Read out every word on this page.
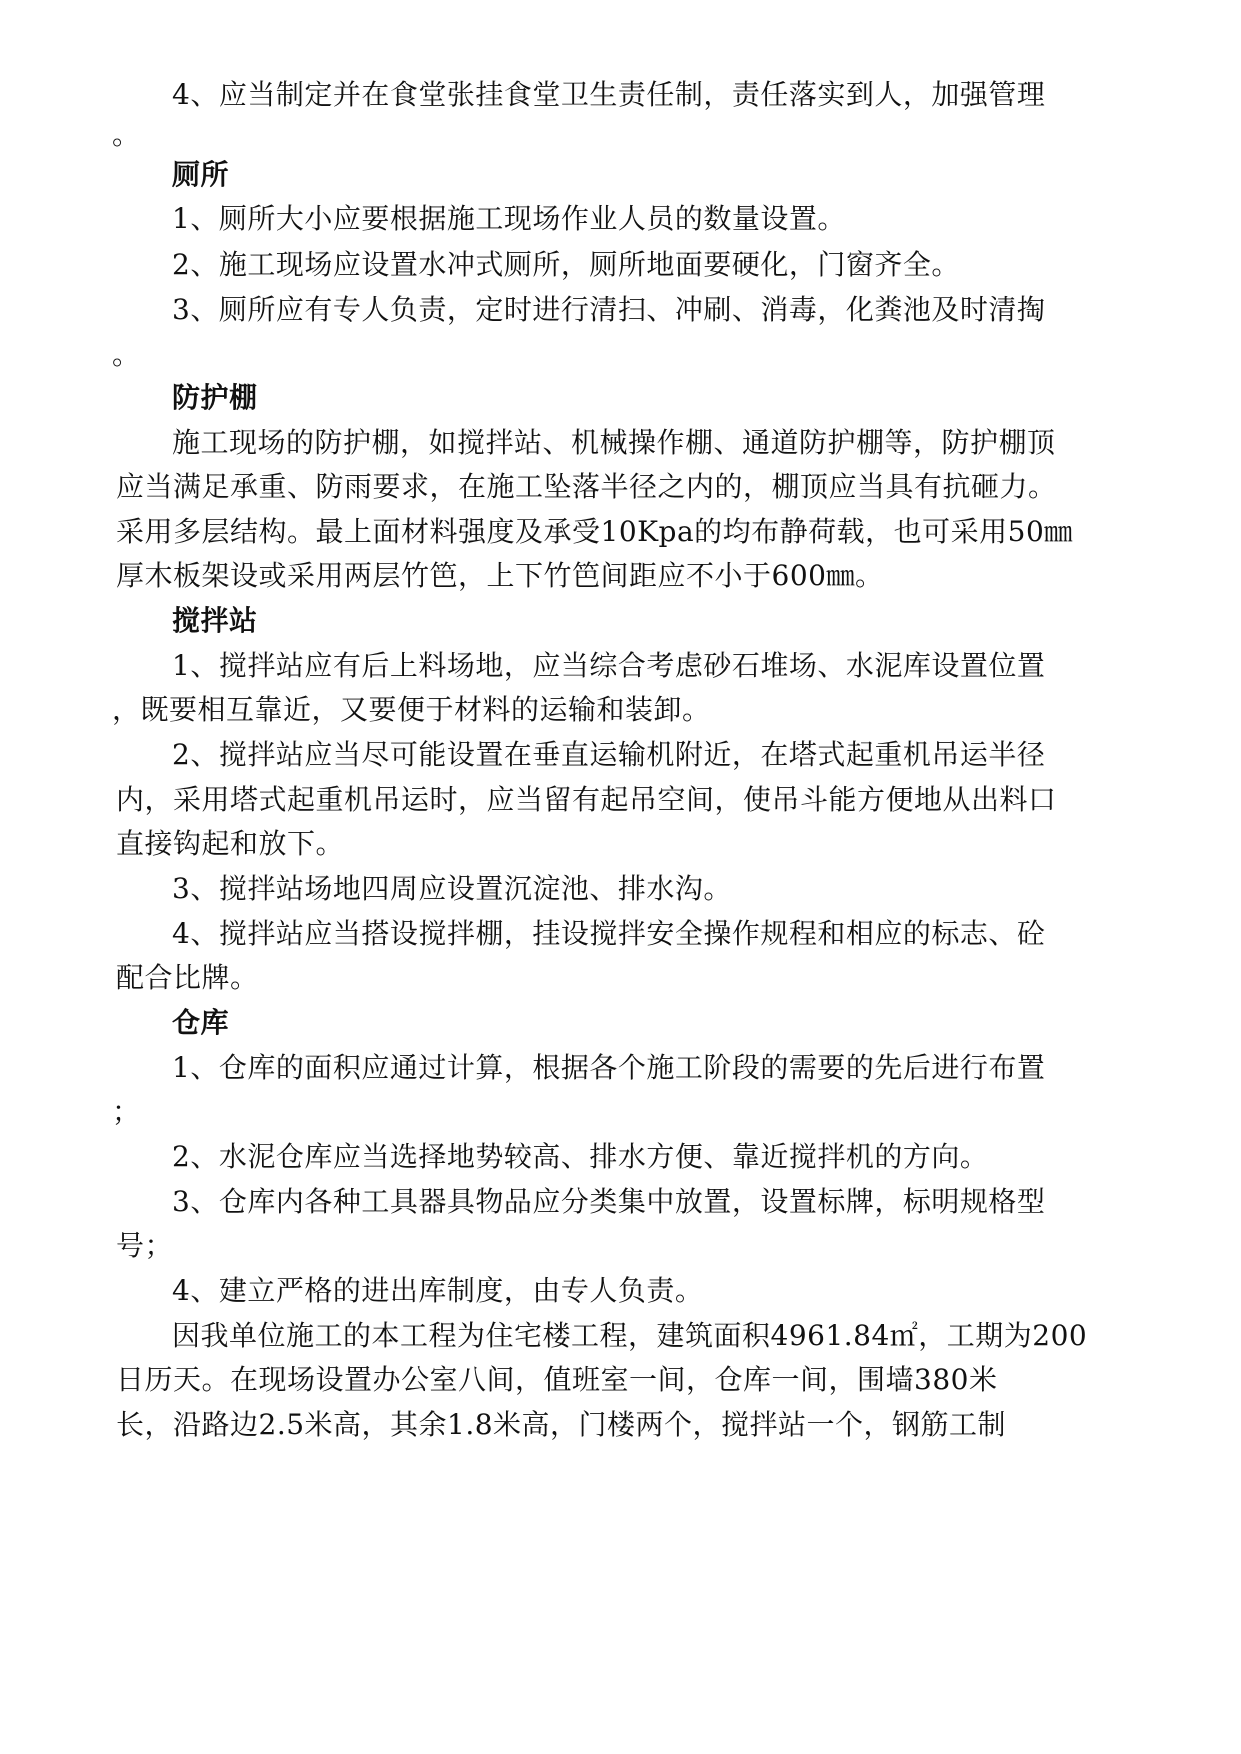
4、应当制定并在食堂张挂食堂卫生责任制，责任落实到人，加强管理
。
厕所
1、厕所大小应要根据施工现场作业人员的数量设置。
2、施工现场应设置水冲式厕所，厕所地面要硬化，门窗齐全。
3、厕所应有专人负责，定时进行清扫、冲刷、消毒，化粪池及时清掏
。
防护棚
施工现场的防护棚，如搅拌站、机械操作棚、通道防护棚等，防护棚顶
应当满足承重、防雨要求，在施工坠落半径之内的，棚顶应当具有抗砸力。
采用多层结构。最上面材料强度及承受10Kpa的均布静荷载，也可采用50㎜
厚木板架设或采用两层竹笆，上下竹笆间距应不小于600㎜。
搅拌站
1、搅拌站应有后上料场地，应当综合考虑砂石堆场、水泥库设置位置
，既要相互靠近，又要便于材料的运输和装卸。
2、搅拌站应当尽可能设置在垂直运输机附近，在塔式起重机吊运半径
内，采用塔式起重机吊运时，应当留有起吊空间，使吊斗能方便地从出料口
直接钩起和放下。
3、搅拌站场地四周应设置沉淀池、排水沟。
4、搅拌站应当搭设搅拌棚，挂设搅拌安全操作规程和相应的标志、砼
配合比牌。
仓库
1、仓库的面积应通过计算，根据各个施工阶段的需要的先后进行布置
；
2、水泥仓库应当选择地势较高、排水方便、靠近搅拌机的方向。
3、仓库内各种工具器具物品应分类集中放置，设置标牌，标明规格型
号；
4、建立严格的进出库制度，由专人负责。
因我单位施工的本工程为住宅楼工程，建筑面积4961.84㎡，工期为200
日历天。在现场设置办公室八间，值班室一间，仓库一间，围墙380米
长，沿路边2.5米高，其余1.8米高，门楼两个，搅拌站一个，钢筋工制
